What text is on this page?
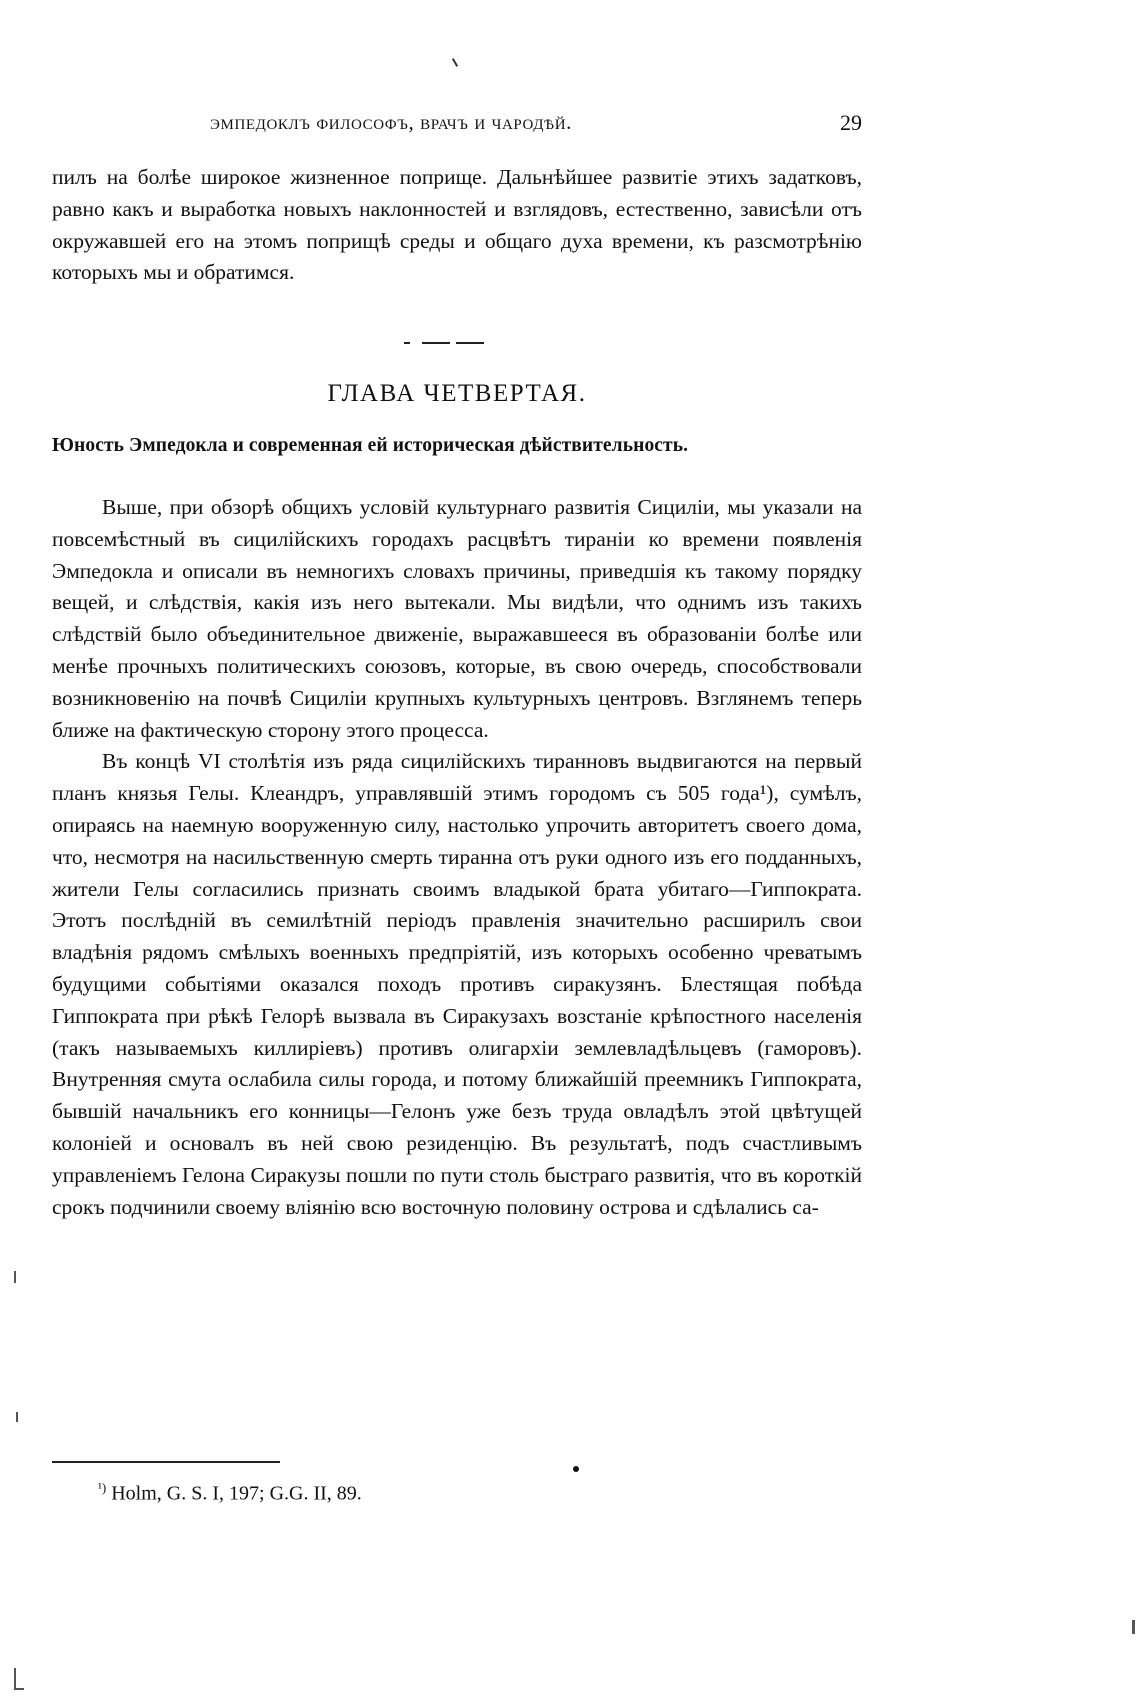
эмпедоклъ философъ, врачъ и чародѣй.	29

пилъ на болѣе широкое жизненное поприще. Дальнѣйшее развитіе этихъ задатковъ, равно какъ и выработка новыхъ наклонностей и взглядовъ, естественно, зависѣли отъ окружавшей его на этомъ поприщѣ среды и общаго духа времени, къ разсмотрѣнію которыхъ мы и обратимся.

ГЛАВА ЧЕТВЕРТАЯ.
Юность Эмпедокла и современная ей историческая дѣйствительность.

Выше, при обзорѣ общихъ условій культурнаго развитія Сициліи, мы указали на повсемѣстный въ сицилійскихъ городахъ расцвѣтъ тираніи ко времени появленія Эмпедокла и описали въ немногихъ словахъ причины, приведшія къ такому порядку вещей, и слѣдствія, какія изъ него вытекали. Мы видѣли, что однимъ изъ такихъ слѣдствій было объединительное движеніе, выражавшееся въ образованіи болѣе или менѣе прочныхъ политическихъ союзовъ, которые, въ свою очередь, способствовали возникновенію на почвѣ Сициліи крупныхъ культурныхъ центровъ. Взглянемъ теперь ближе на фактическую сторону этого процесса.

Въ концѣ VI столѣтія изъ ряда сицилійскихъ тиранновъ выдвигаются на первый планъ князья Гелы. Клеандръ, управлявшій этимъ городомъ съ 505 года¹), сумѣлъ, опираясь на наемную вооруженную силу, настолько упрочить авторитетъ своего дома, что, несмотря на насильственную смерть тиранна отъ руки одного изъ его подданныхъ, жители Гелы согласились признать своимъ владыкой брата убитаго—Гиппократа. Этотъ послѣдній въ семилѣтній періодъ правленія значительно расширилъ свои владѣнія рядомъ смѣлыхъ военныхъ предпріятій, изъ которыхъ особенно чреватымъ будущими событіями оказался походъ противъ сиракузянъ. Блестящая побѣда Гиппократа при рѣкѣ Гелорѣ вызвала въ Сиракузахъ возстаніе крѣпостного населенія (такъ называемыхъ киллиріевъ) противъ олигархіи землевладѣльцевъ (гаморовъ). Внутренняя смута ослабила силы города, и потому ближайшій преемникъ Гиппократа, бывшій начальникъ его конницы—Гелонъ уже безъ труда овладѣлъ этой цвѣтущей колоніей и основалъ въ ней свою резиденцію. Въ результатѣ, подъ счастливымъ управленіемъ Гелона Сиракузы пошли по пути столь быстраго развитія, что въ короткій срокъ подчинили своему вліянію всю восточную половину острова и сдѣлались са-

$^{^1)}$ Holm, G. S. I, 197; G.G. II, 89.
